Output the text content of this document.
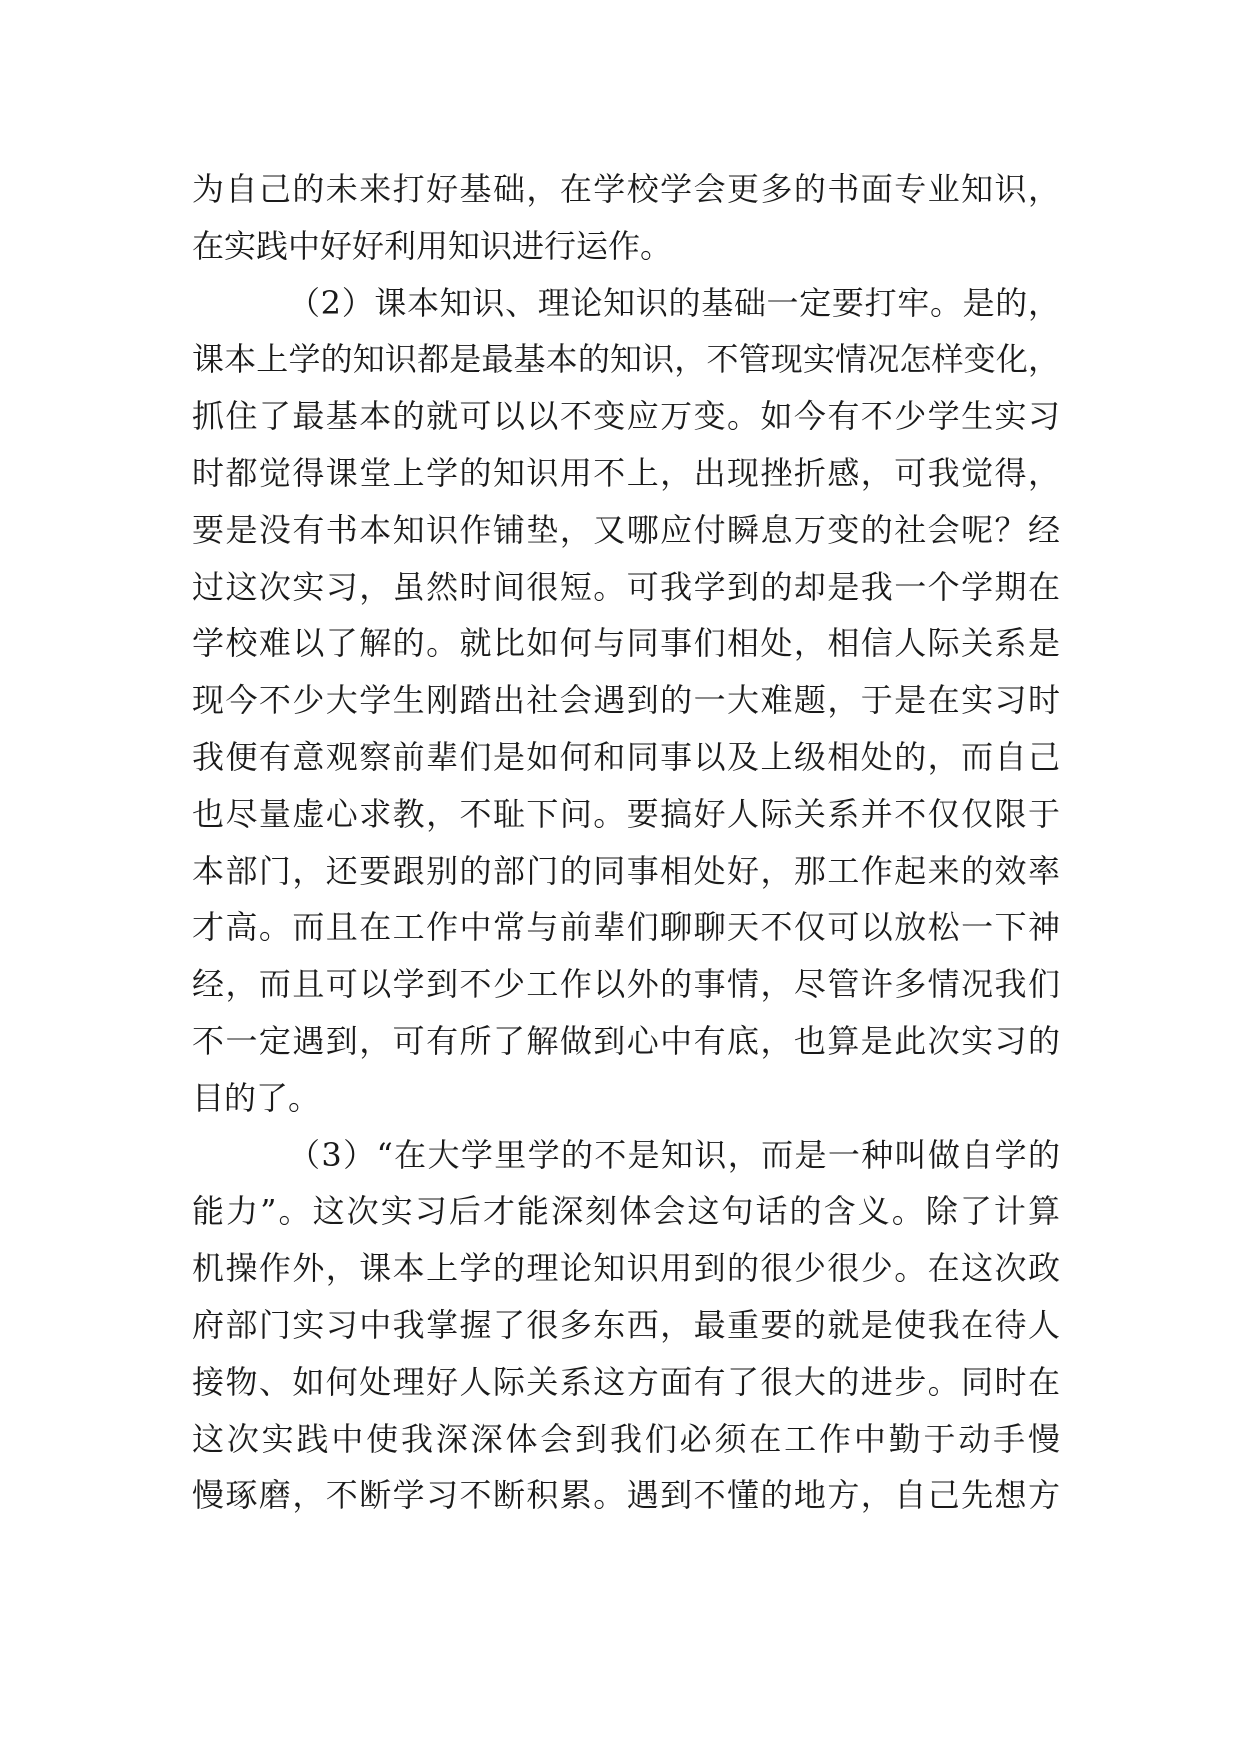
为自己的未来打好基础，在学校学会更多的书面专业知识，
在实践中好好利用知识进行运作。
（2）课本知识、理论知识的基础一定要打牢。是的，
课本上学的知识都是最基本的知识，不管现实情况怎样变化，
抓住了最基本的就可以以不变应万变。如今有不少学生实习
时都觉得课堂上学的知识用不上，出现挫折感，可我觉得，
要是没有书本知识作铺垫，又哪应付瞬息万变的社会呢？经
过这次实习，虽然时间很短。可我学到的却是我一个学期在
学校难以了解的。就比如何与同事们相处，相信人际关系是
现今不少大学生刚踏出社会遇到的一大难题，于是在实习时
我便有意观察前辈们是如何和同事以及上级相处的，而自己
也尽量虚心求教，不耻下问。要搞好人际关系并不仅仅限于
本部门，还要跟别的部门的同事相处好，那工作起来的效率
才高。而且在工作中常与前辈们聊聊天不仅可以放松一下神
经，而且可以学到不少工作以外的事情，尽管许多情况我们
不一定遇到，可有所了解做到心中有底，也算是此次实习的
目的了。
（3）“在大学里学的不是知识，而是一种叫做自学的
能力”。这次实习后才能深刻体会这句话的含义。除了计算
机操作外，课本上学的理论知识用到的很少很少。在这次政
府部门实习中我掌握了很多东西，最重要的就是使我在待人
接物、如何处理好人际关系这方面有了很大的进步。同时在
这次实践中使我深深体会到我们必须在工作中勤于动手慢
慢琢磨，不断学习不断积累。遇到不懂的地方，自己先想方
